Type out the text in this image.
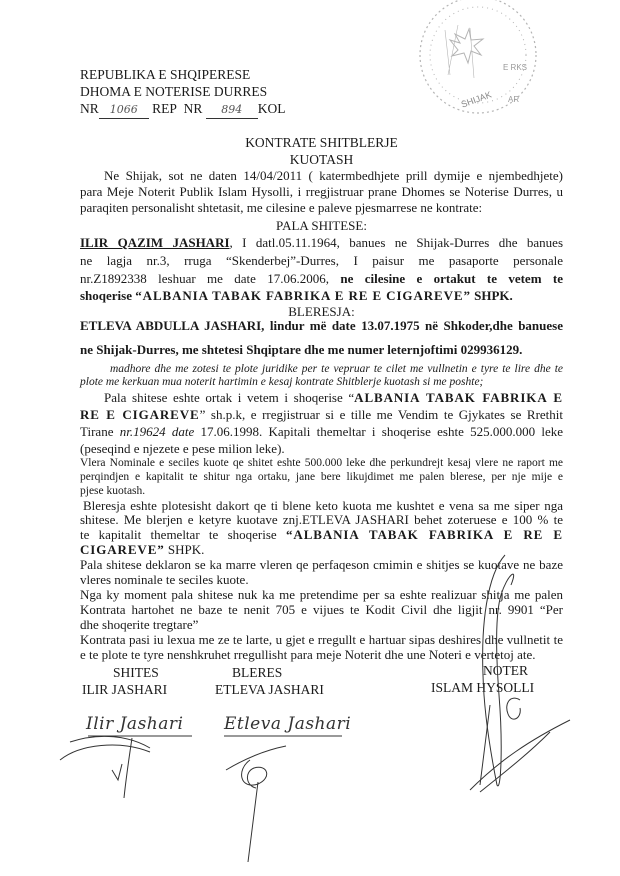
REPUBLIKA E SHQIPERESE
DHOMA E NOTERISE DURRES
NR 1066 REP NR 894 KOL
E RKS
AR
SHIJAK
KONTRATE SHITBLERJE
KUOTASH
Ne Shijak, sot ne daten 14/04/2011 ( katermbedhjete prill dymije e njembedhjete)
para Meje Noterit Publik Islam Hysolli, i rregjistruar prane Dhomes se Noterise Durres, u
paraqiten personalisht shtetasit, me cilesine e paleve pjesmarrese ne kontrate:
PALA SHITESE:
ILIR QAZIM JASHARI, I datl.05.11.1964, banues ne Shijak-Durres dhe banues
ne lagja nr.3, rruga “Skenderbej”-Durres, I paisur me pasaporte personale
nr.Z1892338 leshuar me date 17.06.2006, ne cilesine e ortakut te vetem te
shoqerise “ALBANIA TABAK FABRIKA E RE E CIGAREVE” SHPK.
BLERESJA:
ETLEVA ABDULLA JASHARI, lindur më date 13.07.1975 në Shkoder,dhe banuese
ne Shijak-Durres, me shtetesi Shqiptare dhe me numer leternjoftimi 029936129.
madhore dhe me zotesi te plote juridike per te vepruar te cilet me vullnetin e tyre te lire dhe te
plote me kerkuan mua noterit hartimin e kesaj kontrate Shitblerje kuotash si me poshte;
Pala shitese eshte ortak i vetem i shoqerise “ALBANIA TABAK FABRIKA E
RE E CIGAREVE” sh.p.k, e rregjistruar si e tille me Vendim te Gjykates se Rrethit
Tirane nr.19624 date 17.06.1998. Kapitali themeltar i shoqerise eshte 525.000.000 leke
(peseqind e njezete e pese milion leke).
Vlera Nominale e seciles kuote qe shitet eshte 500.000 leke dhe perkundrejt kesaj vlere ne raport me
perqindjen e kapitalit te shitur nga ortaku, jane bere likujdimet me palen blerese, per nje mije e
pjese kuotash.
Bleresja eshte plotesisht dakort qe ti blene keto kuota me kushtet e vena sa me siper nga
shitese. Me blerjen e ketyre kuotave znj.ETLEVA JASHARI behet zoteruese e 100 % te
te kapitalit themeltar te shoqerise “ALBANIA TABAK FABRIKA E RE E
CIGAREVE” SHPK.
Pala shitese deklaron se ka marre vleren qe perfaqeson cmimin e shitjes se kuotave ne baze
vleres nominale te seciles kuote.
Nga ky moment pala shitese nuk ka me pretendime per sa eshte realizuar shitja me palen
Kontrata hartohet ne baze te nenit 705 e vijues te Kodit Civil dhe ligjit nr. 9901 “Per
dhe shoqerite tregtare”
Kontrata pasi iu lexua me ze te larte, u gjet e rregullt e hartuar sipas deshires dhe vullnetit te
e te plote te tyre nenshkruhet rregullisht para meje Noterit dhe une Noteri e vertetoj ate.
SHITES
ILIR JASHARI
BLERES
ETLEVA JASHARI
NOTER
ISLAM HYSOLLI
Ilir Jashari Etleva Jashari
